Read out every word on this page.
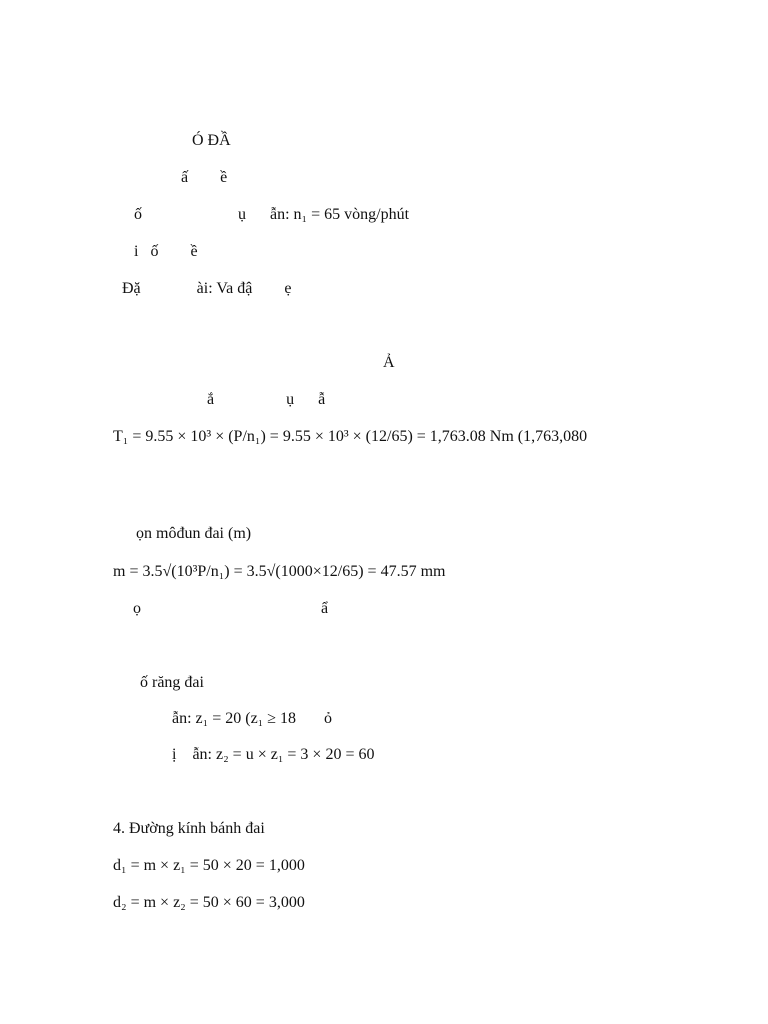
Ó ĐẦ
ấ        ề
ố                        ụ      ẫn: n₁ = 65 vòng/phút
i   ố        ề
Đặ              ài: Va đậ        ẹ
Ả
ắ                  ụ      ẫ
T₁ = 9.55 × 10³ × (P/n₁) = 9.55 × 10³ × (12/65) = 1,763.08 Nm (1,763,080
ọn môđun đai (m)
m = 3.5√(10³P/n₁) = 3.5√(1000×12/65) = 47.57 mm
ọ                                             ẩ
ố răng đai
ẫn: z₁ = 20 (z₁ ≥ 18       ỏ
ị    ẫn: z₂ = u × z₁ = 3 × 20 = 60
4. Đường kính bánh đai
d₁ = m × z₁ = 50 × 20 = 1,000
d₂ = m × z₂ = 50 × 60 = 3,000
